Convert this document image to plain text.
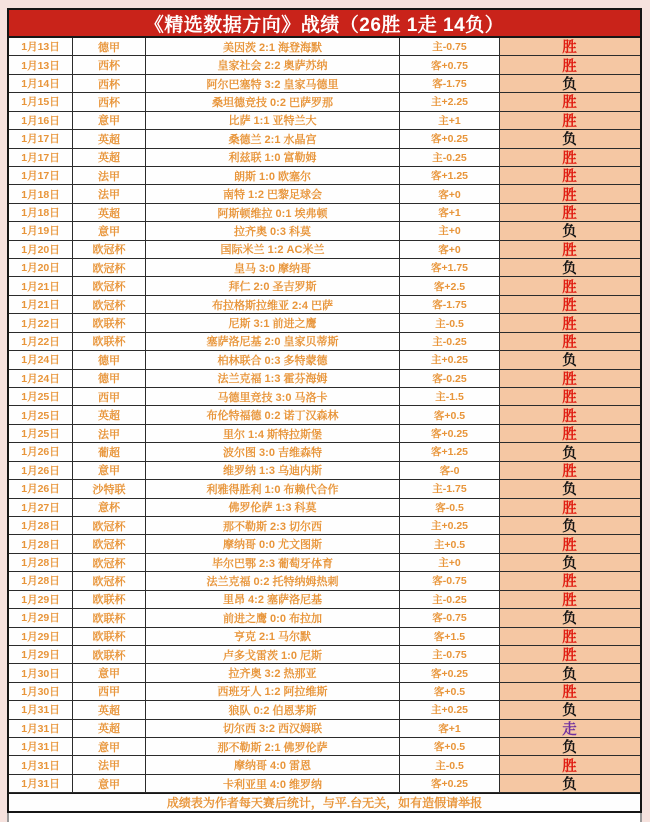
《精选数据方向》战绩（26胜 1走 14负）
1月13日	德甲	美因茨 2:1 海登海默	主-0.75	胜
1月13日	西杯	皇家社会 2:2 奥萨苏纳	客+0.75	胜
1月14日	西杯	阿尔巴塞特 3:2 皇家马德里	客-1.75	负
1月15日	西杯	桑坦德竞技 0:2 巴萨罗那	主+2.25	胜
1月16日	意甲	比萨 1:1 亚特兰大	主+1	胜
1月17日	英超	桑德兰 2:1 水晶宫	客+0.25	负
1月17日	英超	利兹联 1:0 富勒姆	主-0.25	胜
1月17日	法甲	朗斯 1:0 欧塞尔	客+1.25	胜
1月18日	法甲	南特 1:2 巴黎足球会	客+0	胜
1月18日	英超	阿斯顿维拉 0:1 埃弗顿	客+1	胜
1月19日	意甲	拉齐奥 0:3 科莫	主+0	负
1月20日	欧冠杯	国际米兰 1:2 AC米兰	客+0	胜
1月20日	欧冠杯	皇马 3:0 摩纳哥	客+1.75	负
1月21日	欧冠杯	拜仁 2:0 圣吉罗斯	客+2.5	胜
1月21日	欧冠杯	布拉格斯拉维亚 2:4 巴萨	客-1.75	胜
1月22日	欧联杯	尼斯 3:1 前进之鹰	主-0.5	胜
1月22日	欧联杯	塞萨洛尼基 2:0 皇家贝蒂斯	主-0.25	胜
1月24日	德甲	柏林联合 0:3 多特蒙德	主+0.25	负
1月24日	德甲	法兰克福 1:3 霍芬海姆	客-0.25	胜
1月25日	西甲	马德里竞技 3:0 马洛卡	主-1.5	胜
1月25日	英超	布伦特福德 0:2 诺丁汉森林	客+0.5	胜
1月25日	法甲	里尔 1:4 斯特拉斯堡	客+0.25	胜
1月26日	葡超	波尔图 3:0 吉维森特	客+1.25	负
1月26日	意甲	维罗纳 1:3 乌迪内斯	客-0	胜
1月26日	沙特联	利雅得胜利 1:0 布赖代合作	主-1.75	负
1月27日	意杯	佛罗伦萨 1:3 科莫	客-0.5	胜
1月28日	欧冠杯	那不勒斯 2:3 切尔西	主+0.25	负
1月28日	欧冠杯	摩纳哥 0:0 尤文图斯	主+0.5	胜
1月28日	欧冠杯	毕尔巴鄂 2:3 葡萄牙体育	主+0	负
1月28日	欧冠杯	法兰克福 0:2 托特纳姆热刺	客-0.75	胜
1月29日	欧联杯	里昂 4:2 塞萨洛尼基	主-0.25	胜
1月29日	欧联杯	前进之鹰 0:0 布拉加	客-0.75	负
1月29日	欧联杯	亨克 2:1 马尔默	客+1.5	胜
1月29日	欧联杯	卢多戈雷茨 1:0 尼斯	主-0.75	胜
1月30日	意甲	拉齐奥 3:2 热那亚	客+0.25	负
1月30日	西甲	西班牙人 1:2 阿拉维斯	客+0.5	胜
1月31日	英超	狼队 0:2 伯恩茅斯	主+0.25	负
1月31日	英超	切尔西 3:2 西汉姆联	客+1	走
1月31日	意甲	那不勒斯 2:1 佛罗伦萨	客+0.5	负
1月31日	法甲	摩纳哥 4:0 雷恩	主-0.5	胜
1月31日	意甲	卡利亚里 4:0 维罗纳	客+0.25	负
成绩表为作者每天赛后统计，与平.台无关，如有造假请举报
